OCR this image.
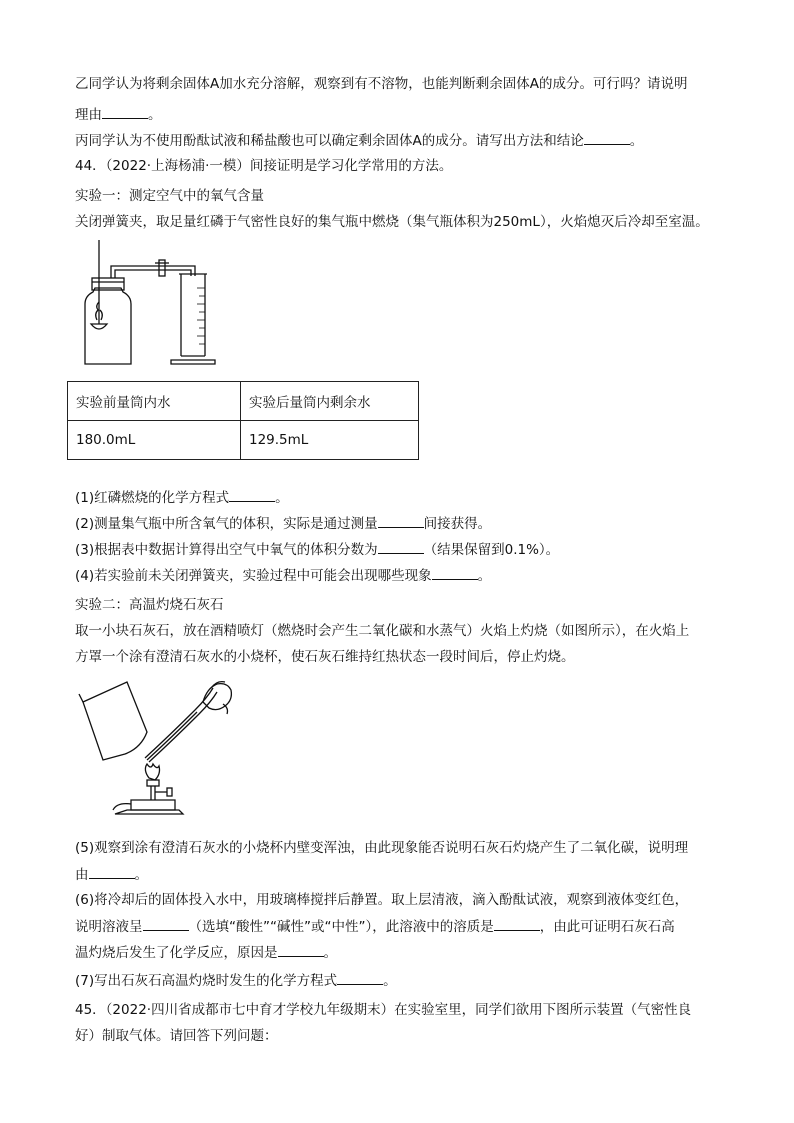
乙同学认为将剩余固体A加水充分溶解，观察到有不溶物，也能判断剩余固体A的成分。可行吗？请说明
理由	。
丙同学认为不使用酚酞试液和稀盐酸也可以确定剩余固体A的成分。请写出方法和结论	。
44．（2022·上海杨浦·一模）间接证明是学习化学常用的方法。
实验一：测定空气中的氧气含量
关闭弹簧夹，取足量红磷于气密性良好的集气瓶中燃烧（集气瓶体积为250mL），火焰熄灭后冷却至室温。
实验前量筒内水	实验后量筒内剩余水
180.0mL	129.5mL
(1)红磷燃烧的化学方程式	。
(2)测量集气瓶中所含氧气的体积，实际是通过测量	间接获得。
(3)根据表中数据计算得出空气中氧气的体积分数为	（结果保留到0.1%）。
(4)若实验前未关闭弹簧夹，实验过程中可能会出现哪些现象	。
实验二：高温灼烧石灰石
取一小块石灰石，放在酒精喷灯（燃烧时会产生二氧化碳和水蒸气）火焰上灼烧（如图所示），在火焰上
方罩一个涂有澄清石灰水的小烧杯，使石灰石维持红热状态一段时间后，停止灼烧。
(5)观察到涂有澄清石灰水的小烧杯内壁变浑浊，由此现象能否说明石灰石灼烧产生了二氧化碳，说明理
由	。
(6)将冷却后的固体投入水中，用玻璃棒搅拌后静置。取上层清液，滴入酚酞试液，观察到液体变红色，
说明溶液呈	（选填“酸性”“碱性”或“中性”），此溶液中的溶质是	，由此可证明石灰石高
温灼烧后发生了化学反应，原因是	。
(7)写出石灰石高温灼烧时发生的化学方程式	。
45．（2022·四川省成都市七中育才学校九年级期末）在实验室里，同学们欲用下图所示装置（气密性良
好）制取气体。请回答下列问题：
